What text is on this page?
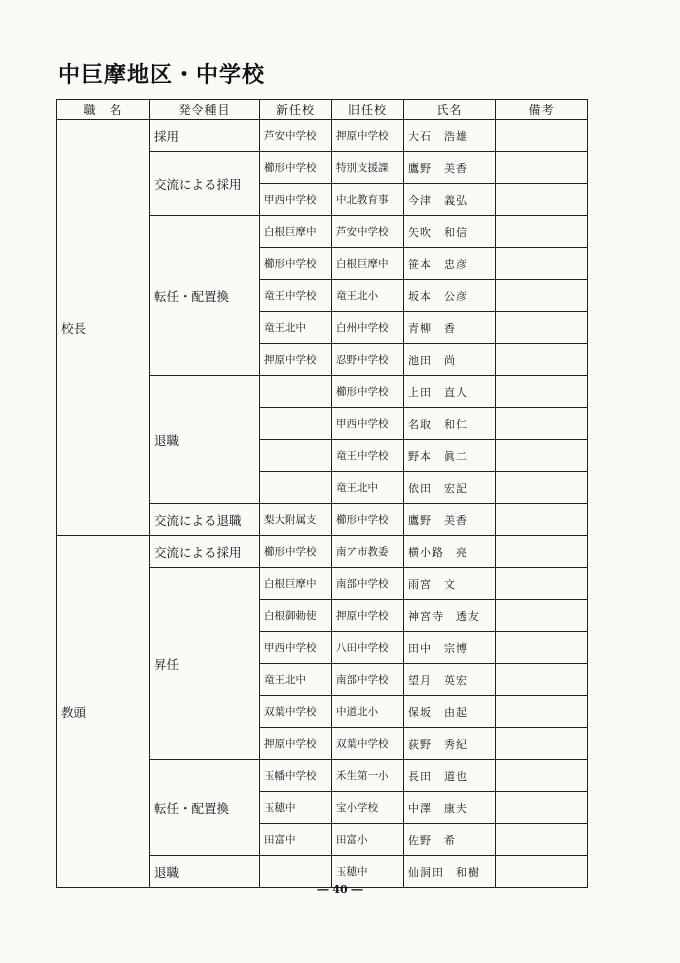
中巨摩地区・中学校
職　名	発令種目	新任校	旧任校	氏名	備考
校長	採用	芦安中学校	押原中学校	大石　浩雄	
	交流による採用	櫛形中学校	特別支援課	鷹野　美香	
		甲西中学校	中北教育事	今津　義弘	
	転任・配置換	白根巨摩中	芦安中学校	矢吹　和信	
		櫛形中学校	白根巨摩中	笹本　忠彦	
		竜王中学校	竜王北小	坂本　公彦	
		竜王北中	白州中学校	青柳　香	
		押原中学校	忍野中学校	池田　尚	
	退職		櫛形中学校	上田　直人	
			甲西中学校	名取　和仁	
			竜王中学校	野本　眞二	
			竜王北中	依田　宏記	
	交流による退職	梨大附属支	櫛形中学校	鷹野　美香	
教頭	交流による採用	櫛形中学校	南ア市教委	横小路　亮	
	昇任	白根巨摩中	南部中学校	雨宮　文	
		白根御勅使	押原中学校	神宮寺　透友	
		甲西中学校	八田中学校	田中　宗博	
		竜王北中	南部中学校	望月　英宏	
		双葉中学校	中道北小	保坂　由起	
		押原中学校	双葉中学校	荻野　秀紀	
	転任・配置換	玉幡中学校	禾生第一小	長田　道也	
		玉穂中	宝小学校	中澤　康夫	
		田富中	田富小	佐野　希	
	退職		玉穂中	仙洞田　和樹	
― 40 ―
